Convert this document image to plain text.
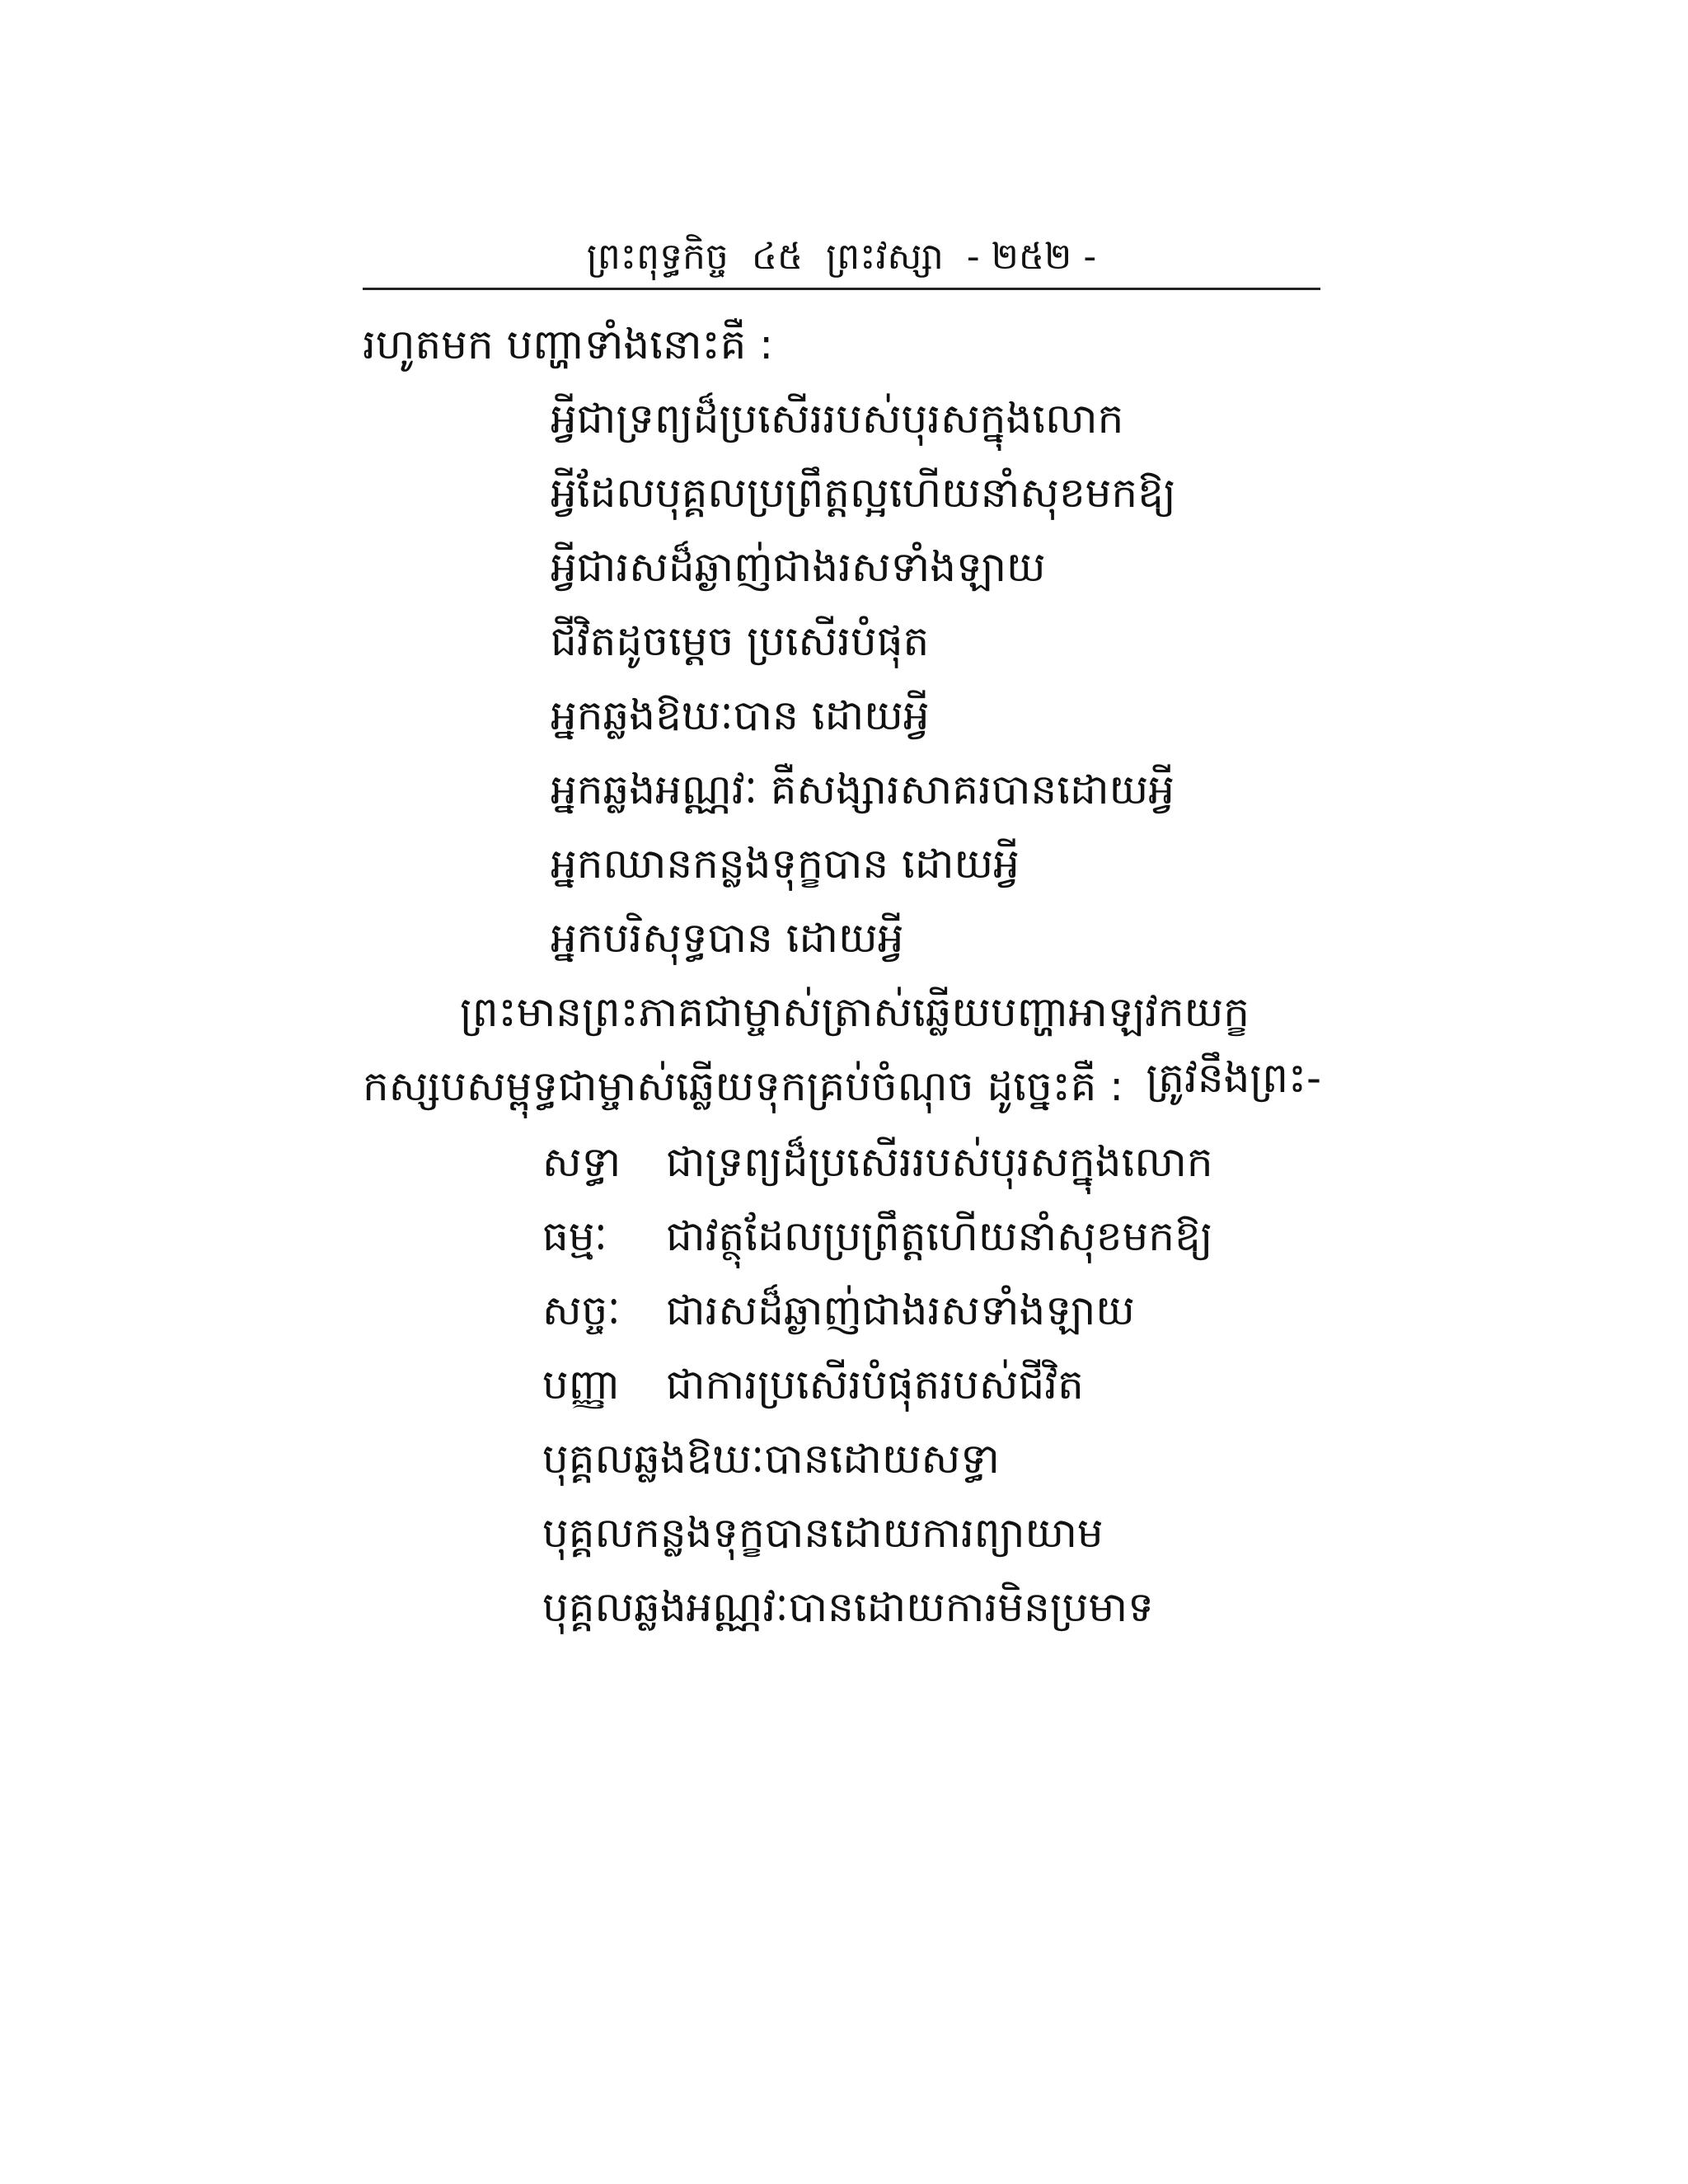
ព្រះពុទ្ធកិច្ច  ៤៥  ព្រះវស្សា  - ២៥២ -
រហូតមក បញ្ហាទាំងនោះគឺ :
អ្វីជាទ្រព្យដ៏ប្រសើររបស់បុរសក្នុងលោក
អ្វីដែលបុគ្គលប្រព្រឹត្តល្អហើយនាំសុខមកឱ្យ
អ្វីជារសដ៏ឆ្ងាញ់ជាងរសទាំងឡាយ
ជីវិតដូចម្ដេច ប្រសើរបំផុត
អ្នកឆ្លងឱឃៈបាន ដោយអ្វី
អ្នកឆ្លងអណ្ណវៈ គឺសង្សារសាគរបានដោយអ្វី
អ្នកឈានកន្លងទុក្ខបាន ដោយអ្វី
អ្នកបរិសុទ្ធបាន ដោយអ្វី
ព្រះមានព្រះភាគជាម្ចាស់ត្រាស់ឆ្លើយបញ្ហាអាឡវកយក្ខ
ត្រូវនឹងព្រះ-
កស្សបសម្ពុទ្ធជាម្ចាស់ឆ្លើយទុកគ្រប់ចំណុច ដូច្នេះគឺ :
សទ្ធា ជាទ្រព្យដ៏ប្រសើររបស់បុរសក្នុងលោក
ធម្មៈ ជាវត្ថុដែលប្រព្រឹត្តហើយនាំសុខមកឱ្យ
សច្ចៈ ជារសដ៏ឆ្ងាញ់ជាងរសទាំងឡាយ
បញ្ញា ជាការប្រសើរបំផុតរបស់ជីវិត
បុគ្គលឆ្លងឱឃៈបានដោយសទ្ធា
បុគ្គលកន្លងទុក្ខបានដោយការព្យាយាម
បុគ្គលឆ្លងអណ្ណវៈបានដោយការមិនប្រមាទ
